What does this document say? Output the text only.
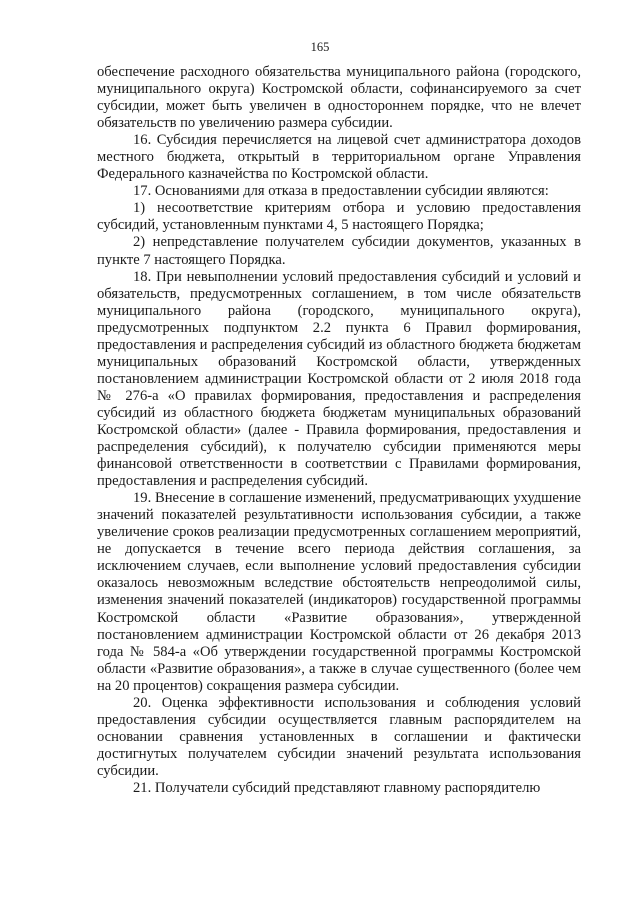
165

обеспечение расходного обязательства муниципального района (городского, муниципального округа) Костромской области, софинансируемого за счет субсидии, может быть увеличен в одностороннем порядке, что не влечет обязательств по увеличению размера субсидии.

16. Субсидия перечисляется на лицевой счет администратора доходов местного бюджета, открытый в территориальном органе Управления Федерального казначейства по Костромской области.

17. Основаниями для отказа в предоставлении субсидии являются:

1) несоответствие критериям отбора и условию предоставления субсидий, установленным пунктами 4, 5 настоящего Порядка;

2) непредставление получателем субсидии документов, указанных в пункте 7 настоящего Порядка.

18. При невыполнении условий предоставления субсидий и условий и обязательств, предусмотренных соглашением, в том числе обязательств муниципального района (городского, муниципального округа), предусмотренных подпунктом 2.2 пункта 6 Правил формирования, предоставления и распределения субсидий из областного бюджета бюджетам муниципальных образований Костромской области, утвержденных постановлением администрации Костромской области от 2 июля 2018 года № 276-а «О правилах формирования, предоставления и распределения субсидий из областного бюджета бюджетам муниципальных образований Костромской области» (далее - Правила формирования, предоставления и распределения субсидий), к получателю субсидии применяются меры финансовой ответственности в соответствии с Правилами формирования, предоставления и распределения субсидий.

19. Внесение в соглашение изменений, предусматривающих ухудшение значений показателей результативности использования субсидии, а также увеличение сроков реализации предусмотренных соглашением мероприятий, не допускается в течение всего периода действия соглашения, за исключением случаев, если выполнение условий предоставления субсидии оказалось невозможным вследствие обстоятельств непреодолимой силы, изменения значений показателей (индикаторов) государственной программы Костромской области «Развитие образования», утвержденной постановлением администрации Костромской области от 26 декабря 2013 года № 584-а «Об утверждении государственной программы Костромской области «Развитие образования», а также в случае существенного (более чем на 20 процентов) сокращения размера субсидии.

20. Оценка эффективности использования и соблюдения условий предоставления субсидии осуществляется главным распорядителем на основании сравнения установленных в соглашении и фактически достигнутых получателем субсидии значений результата использования субсидии.

21. Получатели субсидий представляют главному распорядителю
